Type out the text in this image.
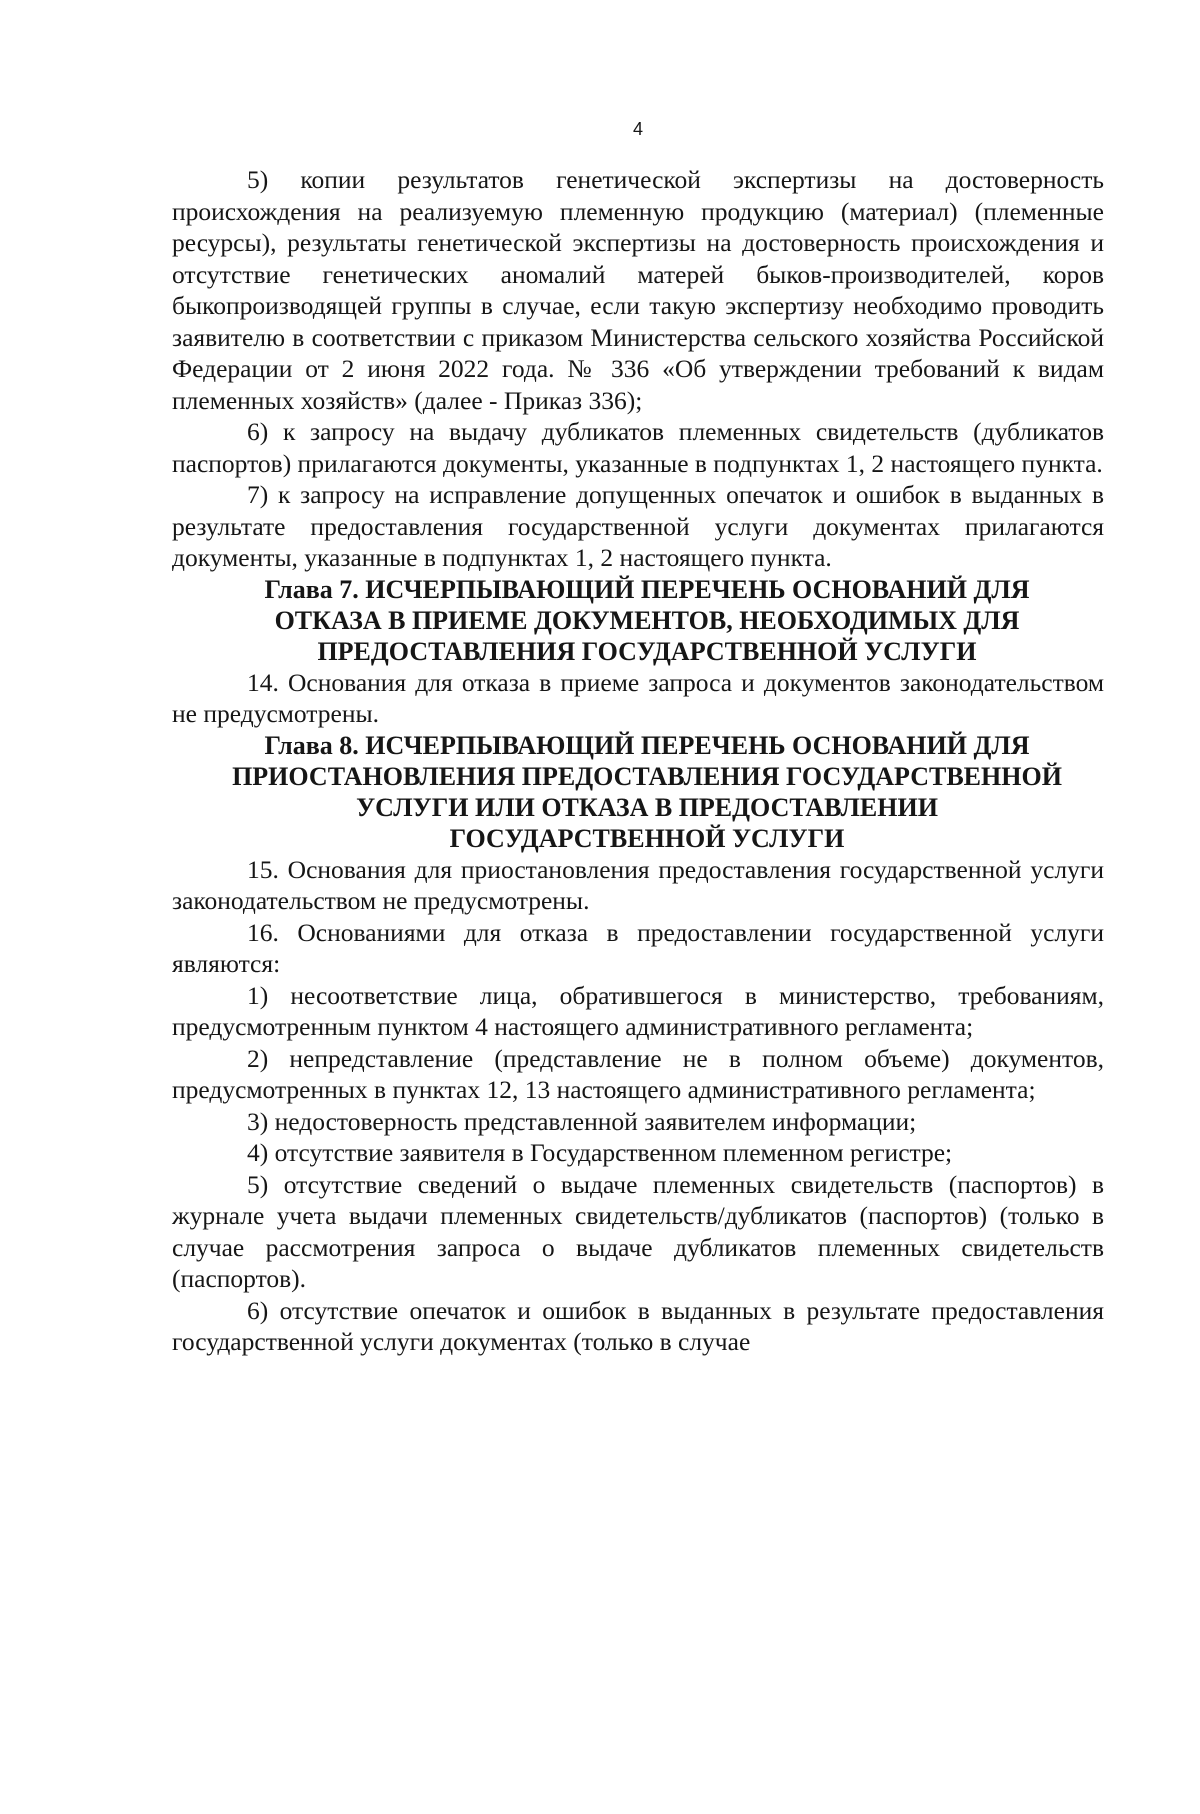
4

5) копии результатов генетической экспертизы на достоверность происхождения на реализуемую племенную продукцию (материал) (племенные ресурсы), результаты генетической экспертизы на достоверность происхождения и отсутствие генетических аномалий матерей быков-производителей, коров быкопроизводящей группы в случае, если такую экспертизу необходимо проводить заявителю в соответствии с приказом Министерства сельского хозяйства Российской Федерации от 2 июня 2022 года. № 336 «Об утверждении требований к видам племенных хозяйств» (далее - Приказ 336);

6) к запросу на выдачу дубликатов племенных свидетельств (дубликатов паспортов) прилагаются документы, указанные в подпунктах 1, 2 настоящего пункта.

7) к запросу на исправление допущенных опечаток и ошибок в выданных в результате предоставления государственной услуги документах прилагаются документы, указанные в подпунктах 1, 2 настоящего пункта.

Глава 7. ИСЧЕРПЫВАЮЩИЙ ПЕРЕЧЕНЬ ОСНОВАНИЙ ДЛЯ
ОТКАЗА В ПРИЕМЕ ДОКУМЕНТОВ, НЕОБХОДИМЫХ ДЛЯ
ПРЕДОСТАВЛЕНИЯ ГОСУДАРСТВЕННОЙ УСЛУГИ

14. Основания для отказа в приеме запроса и документов законодательством не предусмотрены.

Глава 8. ИСЧЕРПЫВАЮЩИЙ ПЕРЕЧЕНЬ ОСНОВАНИЙ ДЛЯ
ПРИОСТАНОВЛЕНИЯ ПРЕДОСТАВЛЕНИЯ ГОСУДАРСТВЕННОЙ
УСЛУГИ ИЛИ ОТКАЗА В ПРЕДОСТАВЛЕНИИ
ГОСУДАРСТВЕННОЙ УСЛУГИ

15. Основания для приостановления предоставления государственной услуги законодательством не предусмотрены.

16. Основаниями для отказа в предоставлении государственной услуги являются:

1) несоответствие лица, обратившегося в министерство, требованиям, предусмотренным пунктом 4 настоящего административного регламента;

2) непредставление (представление не в полном объеме) документов, предусмотренных в пунктах 12, 13 настоящего административного регламента;

3) недостоверность представленной заявителем информации;

4) отсутствие заявителя в Государственном племенном регистре;

5) отсутствие сведений о выдаче племенных свидетельств (паспортов) в журнале учета выдачи племенных свидетельств/дубликатов (паспортов) (только в случае рассмотрения запроса о выдаче дубликатов племенных свидетельств (паспортов).

6) отсутствие опечаток и ошибок в выданных в результате предоставления государственной услуги документах (только в случае
